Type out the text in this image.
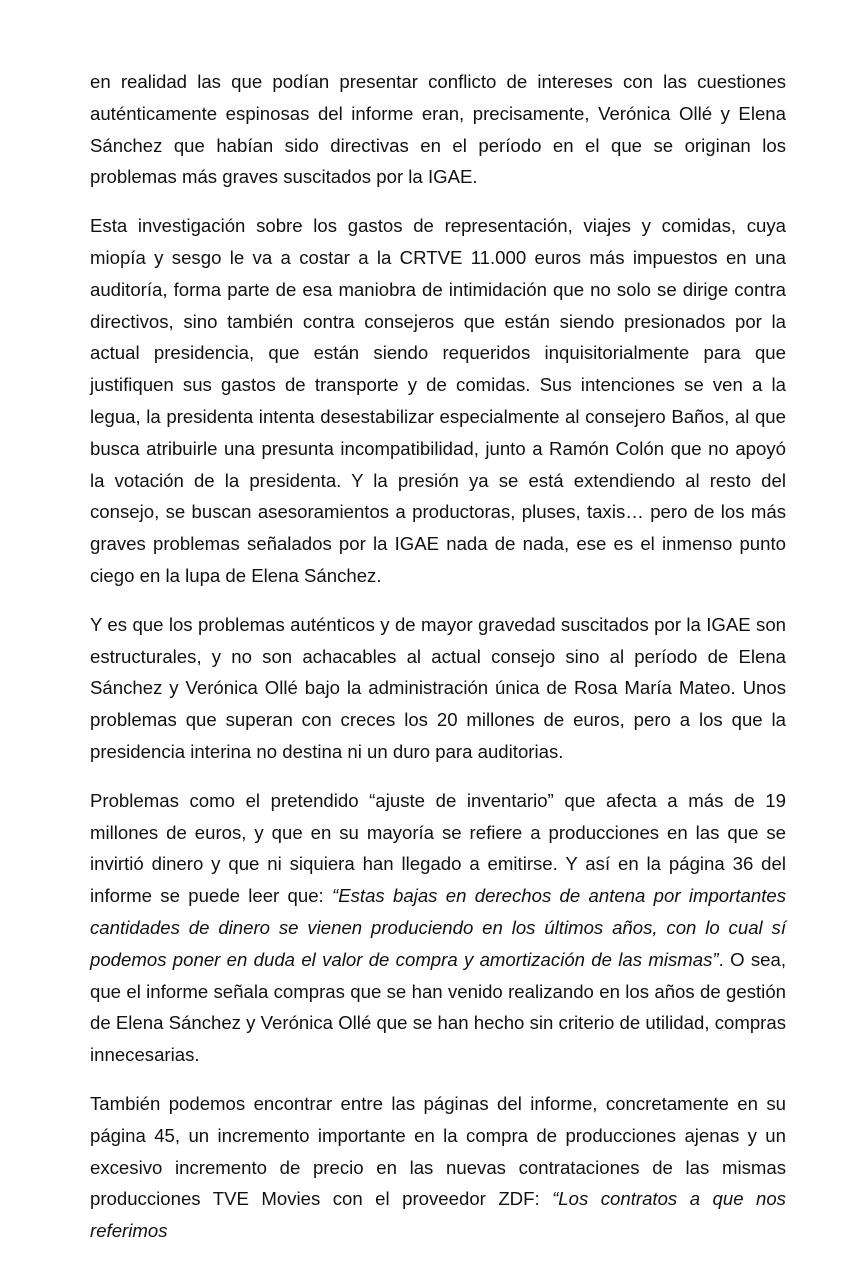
en realidad las que podían presentar conflicto de intereses con las cuestiones auténticamente espinosas del informe eran, precisamente, Verónica Ollé y Elena Sánchez que habían sido directivas en el período en el que se originan los problemas más graves suscitados por la IGAE.

Esta investigación sobre los gastos de representación, viajes y comidas, cuya miopía y sesgo le va a costar a la CRTVE 11.000 euros más impuestos en una auditoría, forma parte de esa maniobra de intimidación que no solo se dirige contra directivos, sino también contra consejeros que están siendo presionados por la actual presidencia, que están siendo requeridos inquisitorialmente para que justifiquen sus gastos de transporte y de comidas. Sus intenciones se ven a la legua, la presidenta intenta desestabilizar especialmente al consejero Baños, al que busca atribuirle una presunta incompatibilidad, junto a Ramón Colón que no apoyó la votación de la presidenta. Y la presión ya se está extendiendo al resto del consejo, se buscan asesoramientos a productoras, pluses, taxis… pero de los más graves problemas señalados por la IGAE nada de nada, ese es el inmenso punto ciego en la lupa de Elena Sánchez.

Y es que los problemas auténticos y de mayor gravedad suscitados por la IGAE son estructurales, y no son achacables al actual consejo sino al período de Elena Sánchez y Verónica Ollé bajo la administración única de Rosa María Mateo. Unos problemas que superan con creces los 20 millones de euros, pero a los que la presidencia interina no destina ni un duro para auditorias.

Problemas como el pretendido “ajuste de inventario” que afecta a más de 19 millones de euros, y que en su mayoría se refiere a producciones en las que se invirtió dinero y que ni siquiera han llegado a emitirse. Y así en la página 36 del informe se puede leer que: “Estas bajas en derechos de antena por importantes cantidades de dinero se vienen produciendo en los últimos años, con lo cual sí podemos poner en duda el valor de compra y amortización de las mismas”. O sea, que el informe señala compras que se han venido realizando en los años de gestión de Elena Sánchez y Verónica Ollé que se han hecho sin criterio de utilidad, compras innecesarias.

También podemos encontrar entre las páginas del informe, concretamente en su página 45, un incremento importante en la compra de producciones ajenas y un excesivo incremento de precio en las nuevas contrataciones de las mismas producciones TVE Movies con el proveedor ZDF: “Los contratos a que nos referimos
